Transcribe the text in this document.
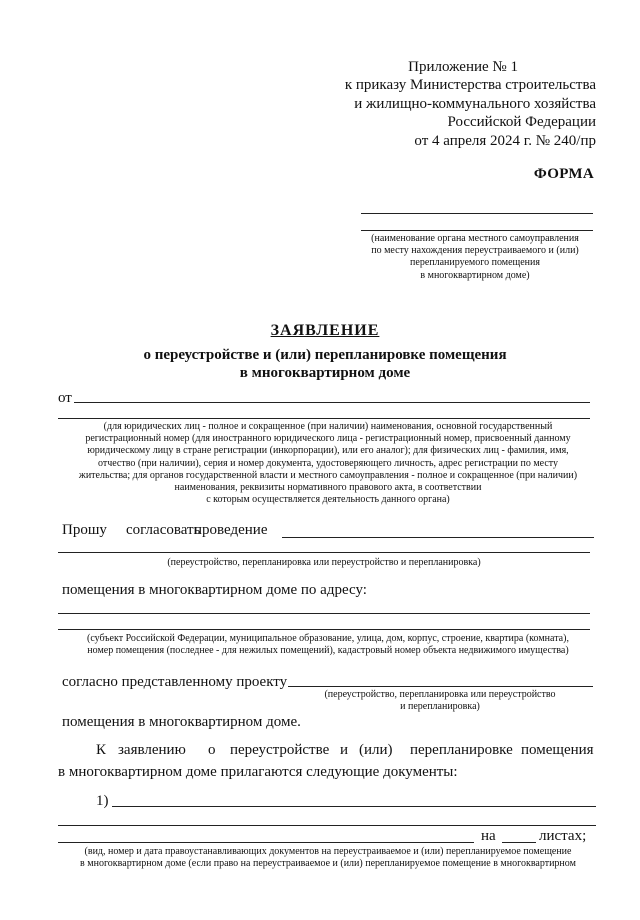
Приложение № 1
к приказу Министерства строительства
и жилищно-коммунального хозяйства
Российской Федерации
от 4 апреля 2024 г. № 240/пр
ФОРМА
(наименование органа местного самоуправления
по месту нахождения переустраиваемого и (или)
перепланируемого помещения
в многоквартирном доме)
ЗАЯВЛЕНИЕ
о переустройстве и (или) перепланировке помещения
в многоквартирном доме
от
(для юридических лиц - полное и сокращенное (при наличии) наименования, основной государственный
регистрационный номер (для иностранного юридического лица - регистрационный номер, присвоенный данному
юридическому лицу в стране регистрации (инкорпорации), или его аналог); для физических лиц - фамилия, имя,
отчество (при наличии), серия и номер документа, удостоверяющего личность, адрес регистрации по месту
жительства; для органов государственной власти и местного самоуправления - полное и сокращенное (при наличии)
наименования, реквизиты нормативного правового акта, в соответствии
с которым осуществляется деятельность данного органа)
Прошу согласовать
проведение
(переустройство, перепланировка или переустройство и перепланировка)
помещения в многоквартирном доме по адресу:
(субъект Российской Федерации, муниципальное образование, улица, дом, корпус, строение, квартира (комната),
номер помещения (последнее - для нежилых помещений), кадастровый номер объекта недвижимого имущества)
согласно представленному проекту
(переустройство, перепланировка или переустройство
и перепланировка)
помещения в многоквартирном доме.
К заявлению о переустройстве и (или) перепланировке помещения
в многоквартирном доме прилагаются следующие документы:
1)
на	листах;
(вид, номер и дата правоустанавливающих документов на переустраиваемое и (или) перепланируемое помещение
в многоквартирном доме (если право на переустраиваемое и (или) перепланируемое помещение в многоквартирном
